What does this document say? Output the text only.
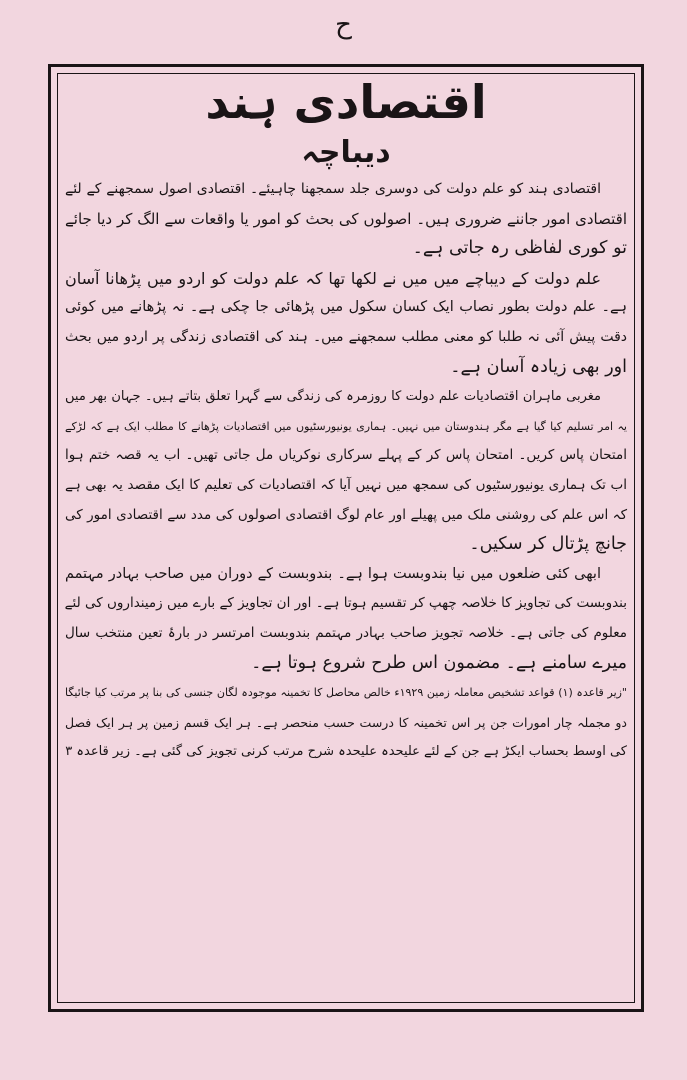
ح
اقتصادی ہند
دیباچہ
اقتصادی ہند کو علم دولت کی دوسری جلد سمجھنا چاہیئے۔ اقتصادی اصول سمجھنے کے لئے
اقتصادی امور جاننے ضروری ہیں۔ اصولوں کی بحث کو امور یا واقعات سے الگ کر دیا جائے
تو کوری لفاظی رہ جاتی ہے۔
علم دولت کے دیباچے میں میں نے لکھا تھا کہ علم دولت کو اردو میں پڑھانا آسان
ہے۔ علم دولت بطور نصاب ایک کسان سکول میں پڑھائی جا چکی ہے۔ نہ پڑھانے میں کوئی
دقت پیش آئی نہ طلبا کو معنی مطلب سمجھنے میں۔ ہند کی اقتصادی زندگی پر اردو میں بحث
اور بھی زیادہ آسان ہے۔
مغربی ماہران اقتصادیات علم دولت کا روزمرہ کی زندگی سے گہرا تعلق بتاتے ہیں۔ جہان بھر میں
یہ امر تسلیم کیا گیا ہے مگر ہندوستان میں نہیں۔ ہماری یونیورسٹیوں میں اقتصادیات پڑھانے کا مطلب ایک ہے کہ لڑکے
امتحان پاس کریں۔ امتحان پاس کر کے پہلے سرکاری نوکریاں مل جاتی تھیں۔ اب یہ قصہ ختم ہوا
اب تک ہماری یونیورسٹیوں کی سمجھ میں نہیں آیا کہ اقتصادیات کی تعلیم کا ایک مقصد یہ بھی ہے
کہ اس علم کی روشنی ملک میں پھیلے اور عام لوگ اقتصادی اصولوں کی مدد سے اقتصادی امور کی
جانچ پڑتال کر سکیں۔
ابھی کئی ضلعوں میں نیا بندوبست ہوا ہے۔ بندوبست کے دوران میں صاحب بہادر مہتمم
بندوبست کی تجاویز کا خلاصہ چھپ کر تقسیم ہوتا ہے۔ اور ان تجاویز کے بارے میں زمینداروں کی لئے
معلوم کی جاتی ہے۔ خلاصہ تجویز صاحب بہادر مہتمم بندوبست امرتسر در بارۂ تعین منتخب سال
میرے سامنے ہے۔ مضمون اس طرح شروع ہوتا ہے۔
"زیر قاعدہ (۱) قواعد تشخیص معاملہ زمین ۱۹۲۹ء خالص محاصل کا تخمینہ موجودہ لگان جنسی کی بنا پر مرتب کیا جائیگا
دو مجملہ چار امورات جن پر اس تخمینہ کا درست حسب منحصر ہے۔ ہر ایک قسم زمین پر ہر ایک فصل
کی اوسط بحساب ایکڑ ہے جن کے لئے علیحدہ علیحدہ شرح مرتب کرنی تجویز کی گئی ہے۔ زیر قاعدہ ۳
